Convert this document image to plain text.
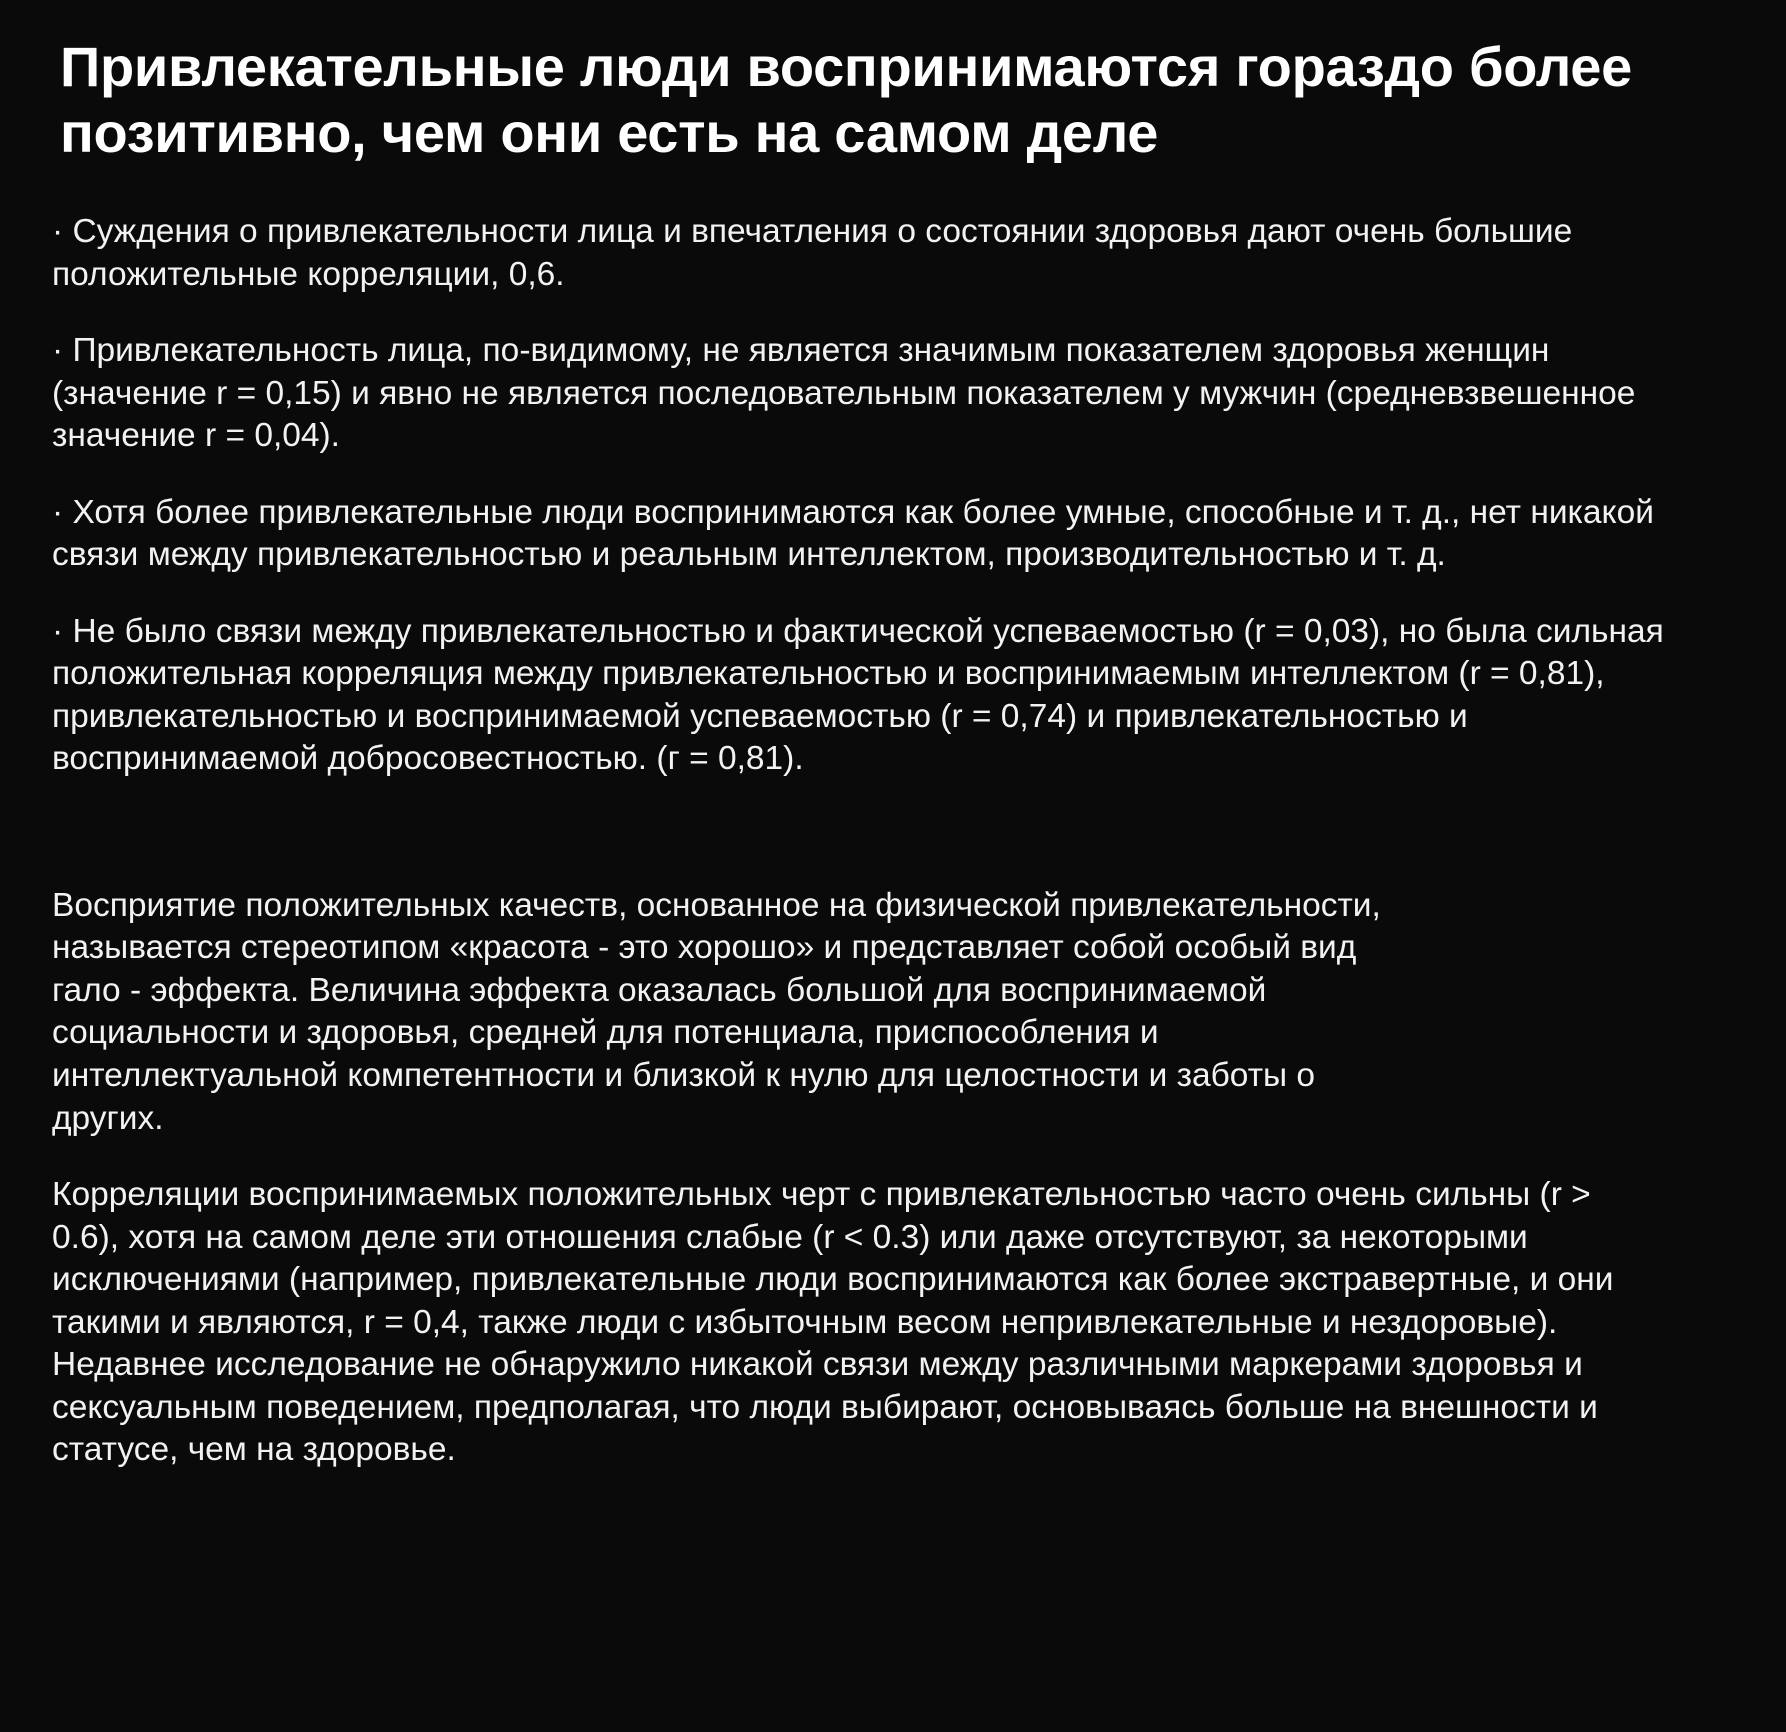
Привлекательные люди воспринимаются гораздо более позитивно, чем они есть на самом деле

· Суждения о привлекательности лица и впечатления о состоянии здоровья дают очень большие положительные корреляции, 0,6.

· Привлекательность лица, по-видимому, не является значимым показателем здоровья женщин (значение r = 0,15) и явно не является последовательным показателем у мужчин (средневзвешенное значение r = 0,04).

· Хотя более привлекательные люди воспринимаются как более умные, способные и т. д., нет никакой связи между привлекательностью и реальным интеллектом, производительностью и т. д.

· Не было связи между привлекательностью и фактической успеваемостью (r = 0,03), но была сильная положительная корреляция между привлекательностью и воспринимаемым интеллектом (r = 0,81), привлекательностью и воспринимаемой успеваемостью (r = 0,74) и привлекательностью и воспринимаемой добросовестностью. (г = 0,81).

Восприятие положительных качеств, основанное на физической привлекательности, называется стереотипом «красота - это хорошо» и представляет собой особый вид гало - эффекта. Величина эффекта оказалась большой для воспринимаемой социальности и здоровья, средней для потенциала, приспособления и интеллектуальной компетентности и близкой к нулю для целостности и заботы о других.

Корреляции воспринимаемых положительных черт с привлекательностью часто очень сильны (r > 0.6), хотя на самом деле эти отношения слабые (r < 0.3) или даже отсутствуют, за некоторыми исключениями (например, привлекательные люди воспринимаются как более экстравертные, и они такими и являются, r = 0,4, также люди с избыточным весом непривлекательные и нездоровые).

Недавнее исследование не обнаружило никакой связи между различными маркерами здоровья и сексуальным поведением, предполагая, что люди выбирают, основываясь больше на внешности и статусе, чем на здоровье.
